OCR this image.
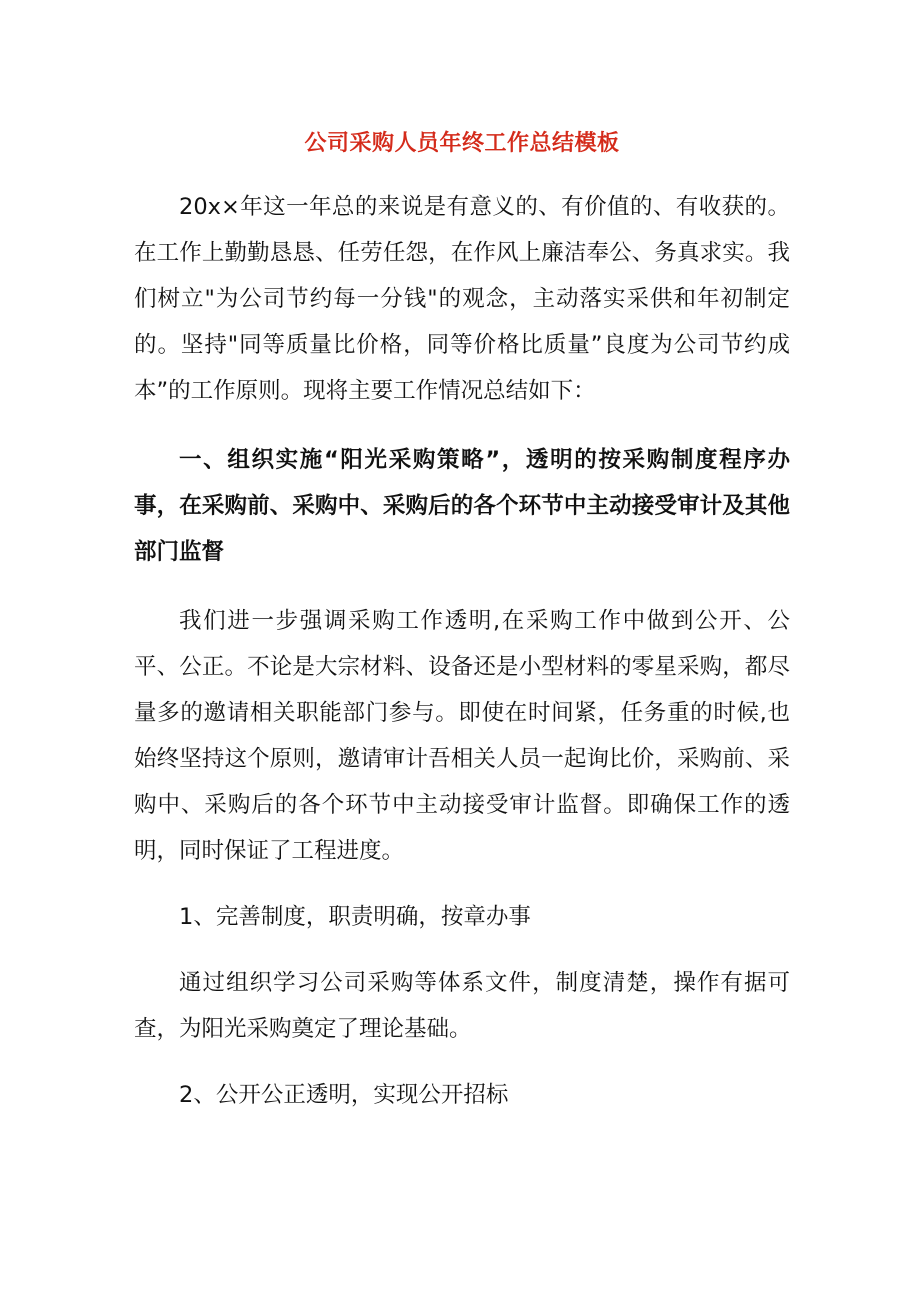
公司采购人员年终工作总结模板

20x×年这一年总的来说是有意义的、有价值的、有收获的。在工作上勤勤恳恳、任劳任怨，在作风上廉洁奉公、务真求实。我们树立"为公司节约每一分钱"的观念，主动落实采供和年初制定的。坚持"同等质量比价格，同等价格比质量”良度为公司节约成本”的工作原则。现将主要工作情况总结如下：

一、组织实施“阳光采购策略”，透明的按采购制度程序办事，在采购前、采购中、采购后的各个环节中主动接受审计及其他部门监督

我们进一步强调采购工作透明,在采购工作中做到公开、公平、公正。不论是大宗材料、设备还是小型材料的零星采购，都尽量多的邀请相关职能部门参与。即使在时间紧，任务重的时候,也始终坚持这个原则，邀请审计吾相关人员一起询比价，采购前、采购中、采购后的各个环节中主动接受审计监督。即确保工作的透明，同时保证了工程进度。

1、完善制度，职责明确，按章办事

通过组织学习公司采购等体系文件，制度清楚，操作有据可查，为阳光采购奠定了理论基础。

2、公开公正透明，实现公开招标
